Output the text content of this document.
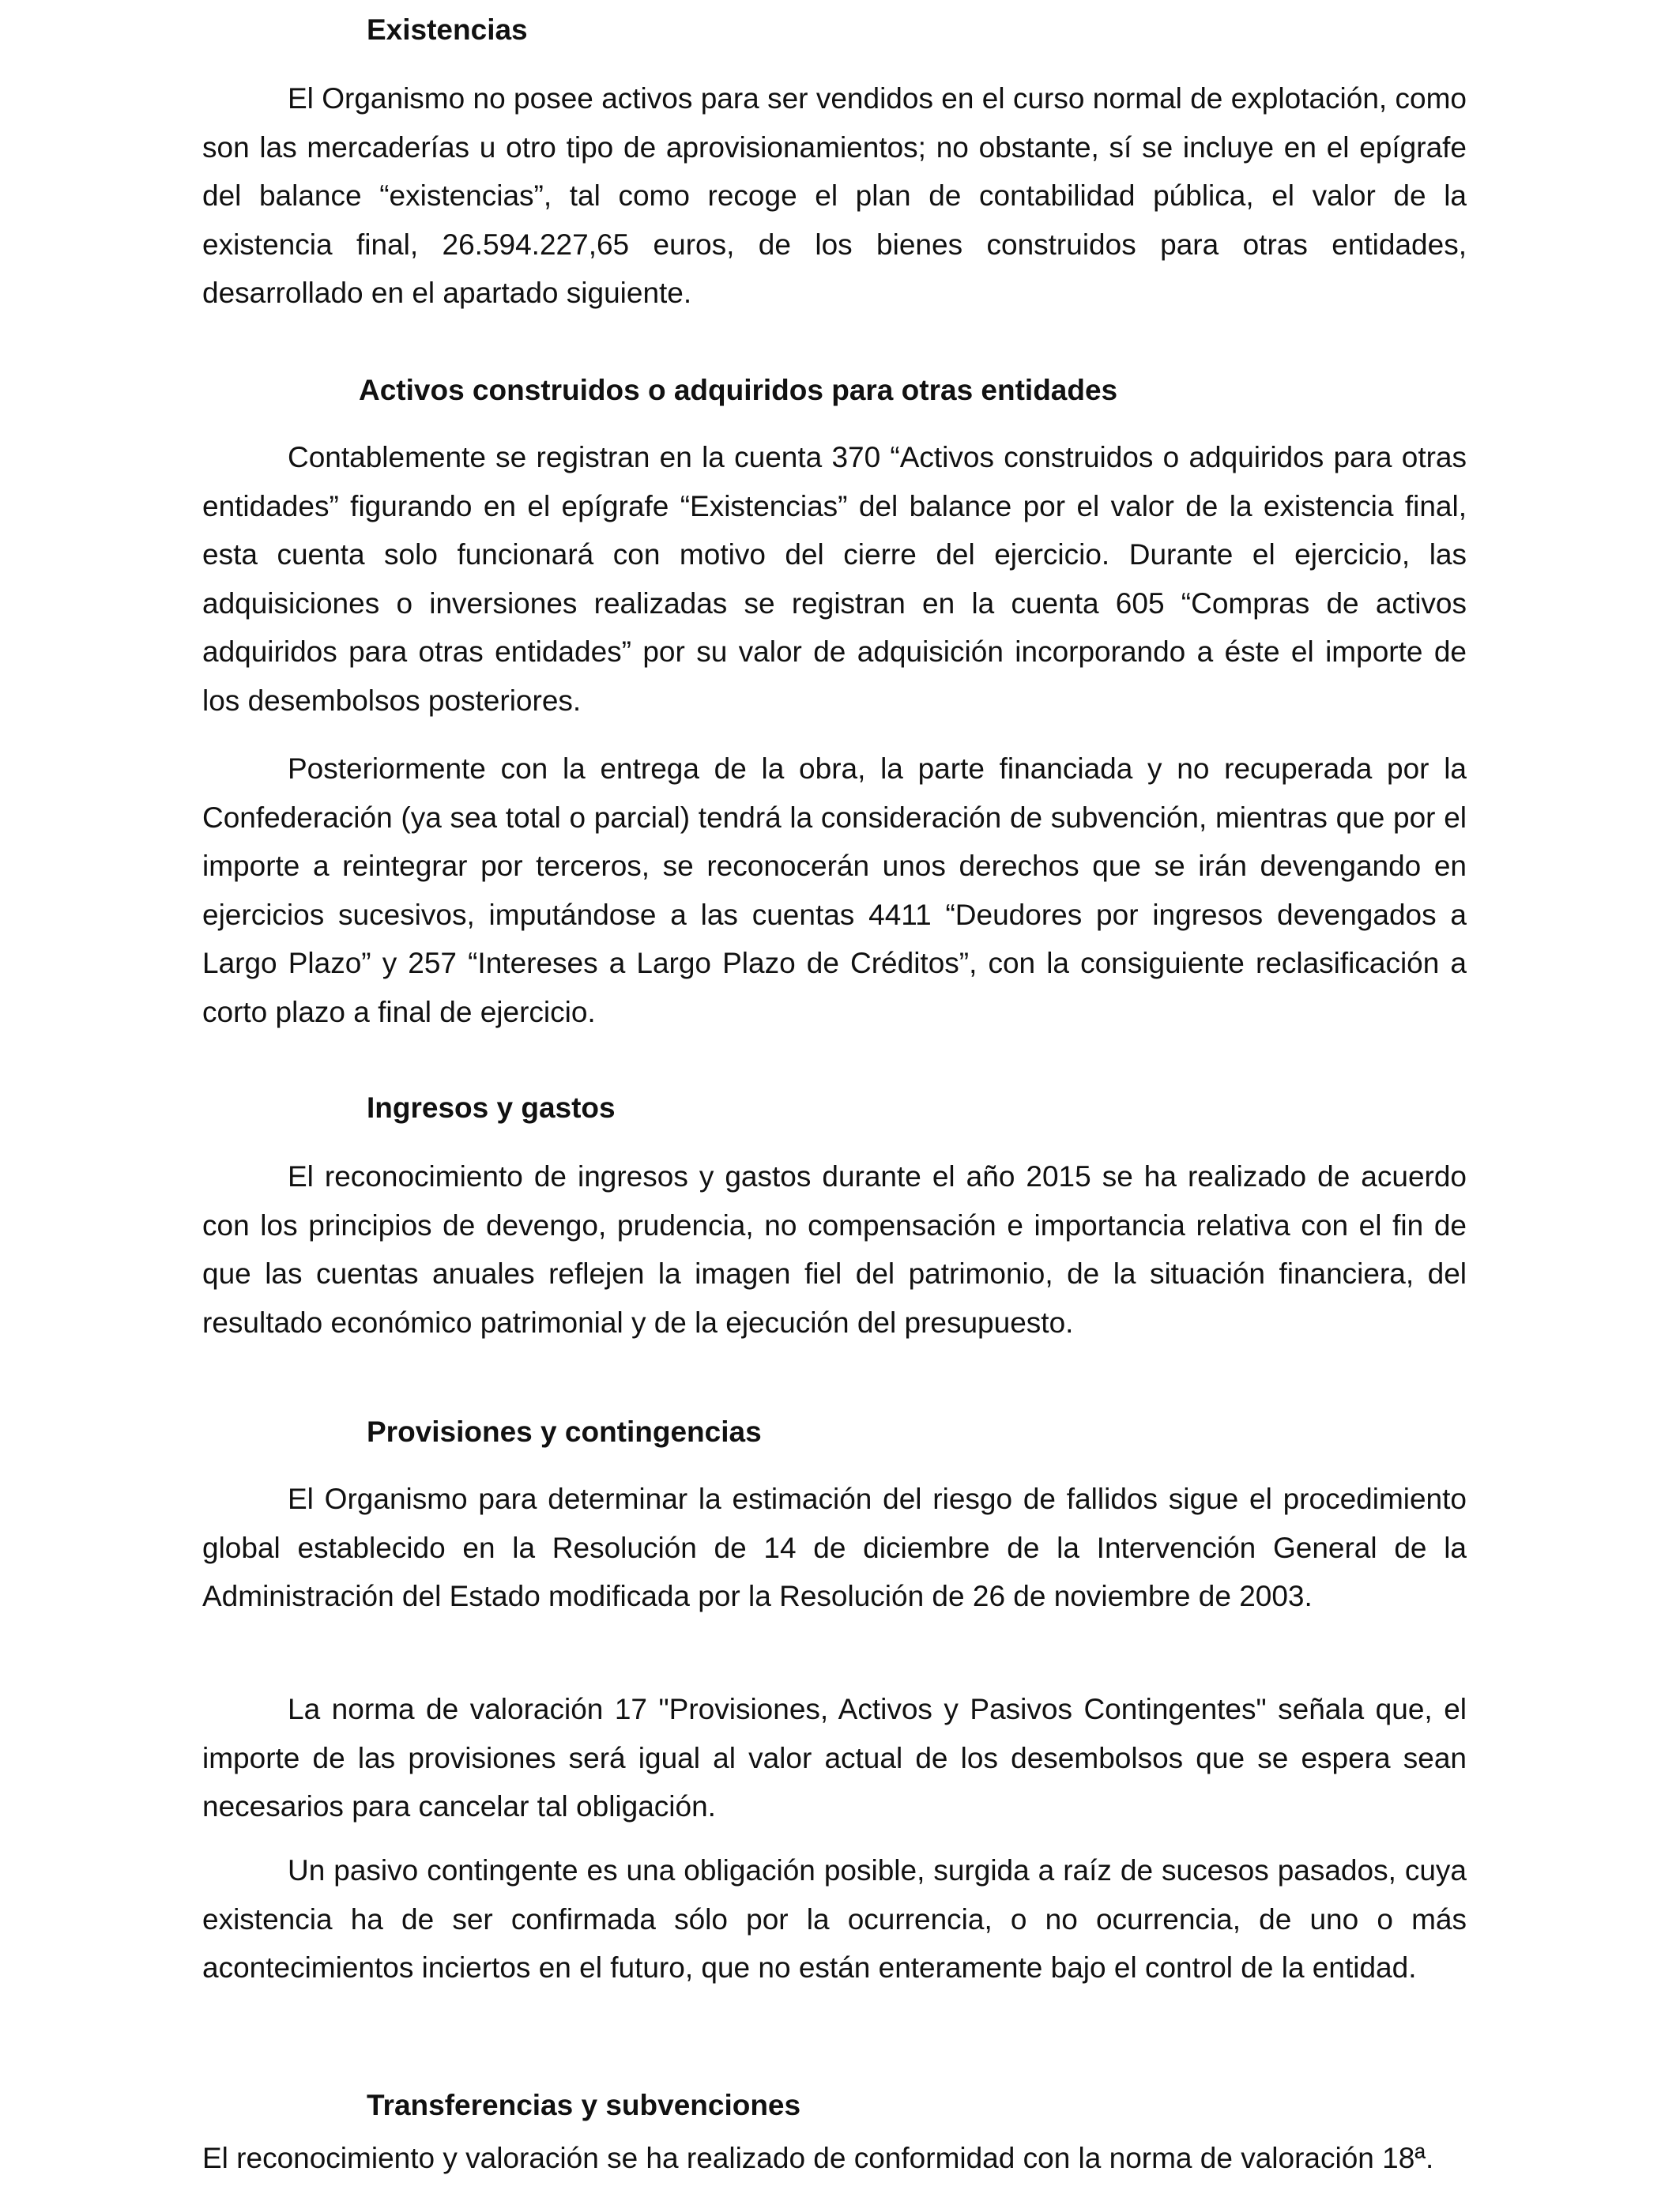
Existencias

El Organismo no posee activos para ser vendidos en el curso normal de explotación, como son las mercaderías u otro tipo de aprovisionamientos; no obstante, sí se incluye en el epígrafe del balance “existencias”, tal como recoge el plan de contabilidad pública, el valor de la existencia final, 26.594.227,65 euros, de los bienes construidos para otras entidades, desarrollado en el apartado siguiente.

Activos construidos o adquiridos para otras entidades

Contablemente se registran en la cuenta 370 “Activos construidos o adquiridos para otras entidades” figurando en el epígrafe “Existencias” del balance por el valor de la existencia final, esta cuenta solo funcionará con motivo del cierre del ejercicio. Durante el ejercicio, las adquisiciones o inversiones realizadas se registran en la cuenta 605 “Compras de activos adquiridos para otras entidades” por su valor de adquisición incorporando a éste el importe de los desembolsos posteriores.

Posteriormente con la entrega de la obra, la parte financiada y no recuperada por la Confederación (ya sea total o parcial) tendrá la consideración de subvención, mientras que por el importe a reintegrar por terceros, se reconocerán unos derechos que se irán devengando en ejercicios sucesivos, imputándose a las cuentas 4411 “Deudores por ingresos devengados a Largo Plazo” y 257 “Intereses a Largo Plazo de Créditos”, con la consiguiente reclasificación a corto plazo a final de ejercicio.

Ingresos y gastos

El reconocimiento de ingresos y gastos durante el año 2015 se ha realizado de acuerdo con los principios de devengo, prudencia, no compensación e importancia relativa con el fin de que las cuentas anuales reflejen la imagen fiel del patrimonio, de la situación financiera, del resultado económico patrimonial y de la ejecución del presupuesto.

Provisiones y contingencias

El Organismo para determinar la estimación del riesgo de fallidos sigue el procedimiento global establecido en la Resolución de 14 de diciembre de la Intervención General de la Administración del Estado modificada por la Resolución de 26 de noviembre de 2003.

La norma de valoración 17 "Provisiones, Activos y Pasivos Contingentes" señala que, el importe de las provisiones será igual al valor actual de los desembolsos que se espera sean necesarios para cancelar tal obligación.

Un pasivo contingente es una obligación posible, surgida a raíz de sucesos pasados, cuya existencia ha de ser confirmada sólo por la ocurrencia, o no ocurrencia, de uno o más acontecimientos inciertos en el futuro, que no están enteramente bajo el control de la entidad.

Transferencias y subvenciones

El reconocimiento y valoración se ha realizado de conformidad con la norma de valoración 18ª.
